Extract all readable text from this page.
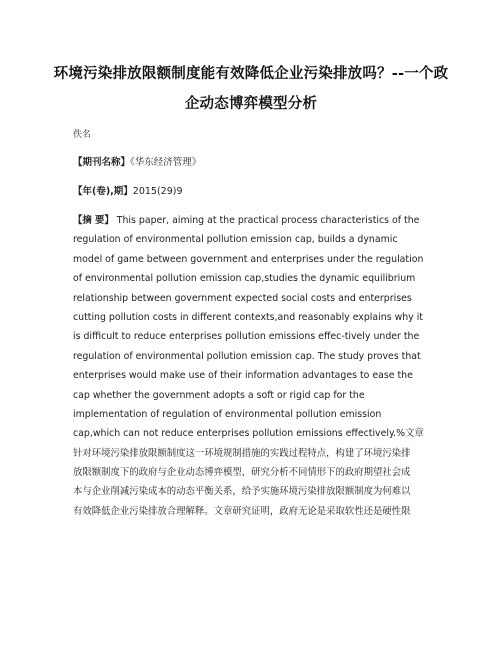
环境污染排放限额制度能有效降低企业污染排放吗？--一个政
企动态博弈模型分析
佚名
【期刊名称】《华东经济管理》
【年(卷),期】2015(29)9
【摘 要】 This paper, aiming at the practical process characteristics of the
regulation of environmental pollution emission cap, builds a dynamic
model of game between government and enterprises under the regulation
of environmental pollution emission cap,studies the dynamic equilibrium
relationship between government expected social costs and enterprises
cutting pollution costs in different contexts,and reasonably explains why it
is difficult to reduce enterprises pollution emissions effec-tively under the
regulation of environmental pollution emission cap. The study proves that
enterprises would make use of their information advantages to ease the
cap whether the government adopts a soft or rigid cap for the
implementation of regulation of environmental pollution emission
cap,which can not reduce enterprises pollution emissions effectively.%文章
针对环境污染排放限额制度这一环境规制措施的实践过程特点，构建了环境污染排
放限额制度下的政府与企业动态博弈模型，研究分析不同情形下的政府期望社会成
本与企业削减污染成本的动态平衡关系，给予实施环境污染排放限额制度为何难以
有效降低企业污染排放合理解释。文章研究证明，政府无论是采取软性还是硬性限
